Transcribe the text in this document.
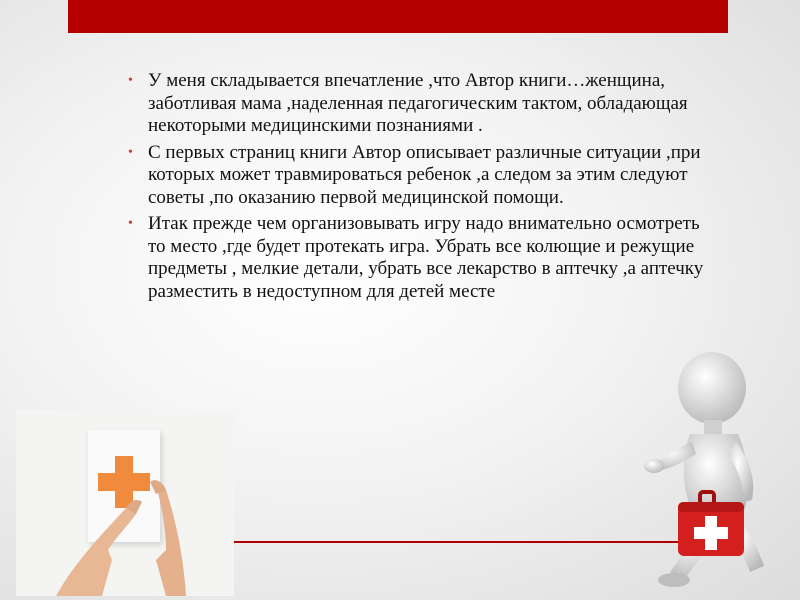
• У меня складывается впечатление ,что Автор книги…женщина, заботливая мама ,наделенная педагогическим тактом, обладающая некоторыми медицинскими познаниями .
• С первых страниц книги Автор описывает различные ситуации ,при которых может травмироваться ребенок ,а следом за этим следуют советы ,по оказанию первой медицинской помощи.
• Итак прежде чем организовывать игру надо внимательно осмотреть то место ,где будет протекать игра. Убрать все колющие и режущие предметы , мелкие детали, убрать все лекарство в аптечку ,а аптечку разместить в недоступном для детей месте
